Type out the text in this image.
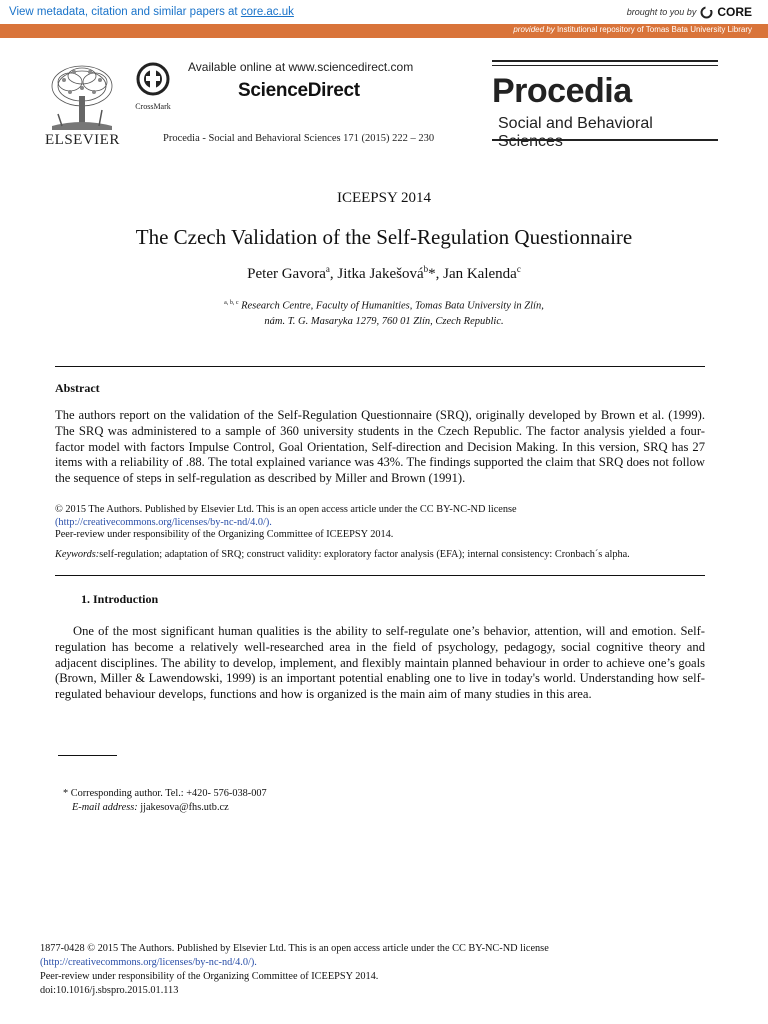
View metadata, citation and similar papers at core.ac.uk	brought to you by CORE
provided by Institutional repository of Tomas Bata University Library
ELSEVIER
CrossMark
Available online at www.sciencedirect.com
ScienceDirect
Procedia - Social and Behavioral Sciences 171 (2015) 222 – 230
Procedia
Social and Behavioral Sciences
ICEEPSY 2014
The Czech Validation of the Self-Regulation Questionnaire
Peter Gavora$^a$, Jitka Jakešová$^b$*, Jan Kalenda$^c$
$^{a, b, c}$ Research Centre, Faculty of Humanities, Tomas Bata University in Zlín,
nám. T. G. Masaryka 1279, 760 01 Zlín, Czech Republic.
Abstract
The authors report on the validation of the Self-Regulation Questionnaire (SRQ), originally developed by Brown et al. (1999). The SRQ was administered to a sample of 360 university students in the Czech Republic. The factor analysis yielded a four-factor model with factors Impulse Control, Goal Orientation, Self-direction and Decision Making. In this version, SRQ has 27 items with a reliability of .88. The total explained variance was 43%. The findings supported the claim that SRQ does not follow the sequence of steps in self-regulation as described by Miller and Brown (1991).
© 2015 The Authors. Published by Elsevier Ltd. This is an open access article under the CC BY-NC-ND license
(http://creativecommons.org/licenses/by-nc-nd/4.0/).
Peer-review under responsibility of the Organizing Committee of ICEEPSY 2014.
Keywords:self-regulation; adaptation of SRQ; construct validity: exploratory factor analysis (EFA); internal consistency: Cronbach´s alpha.
1. Introduction
One of the most significant human qualities is the ability to self-regulate one’s behavior, attention, will and emotion. Self-regulation has become a relatively well-researched area in the field of psychology, pedagogy, social cognitive theory and adjacent disciplines. The ability to develop, implement, and flexibly maintain planned behaviour in order to achieve one’s goals (Brown, Miller & Lawendowski, 1999) is an important potential enabling one to live in today's world. Understanding how self-regulated behaviour develops, functions and how is organized is the main aim of many studies in this area.
* Corresponding author. Tel.: +420- 576-038-007
E-mail address: jjakesova@fhs.utb.cz
1877-0428 © 2015 The Authors. Published by Elsevier Ltd. This is an open access article under the CC BY-NC-ND license
(http://creativecommons.org/licenses/by-nc-nd/4.0/).
Peer-review under responsibility of the Organizing Committee of ICEEPSY 2014.
doi:10.1016/j.sbspro.2015.01.113
